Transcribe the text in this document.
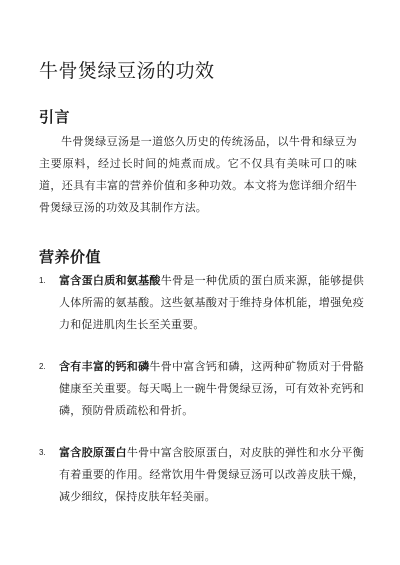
牛骨煲绿豆汤的功效
引言

牛骨煲绿豆汤是一道悠久历史的传统汤品，以牛骨和绿豆为主要原料，经过长时间的炖煮而成。它不仅具有美味可口的味道，还具有丰富的营养价值和多种功效。本文将为您详细介绍牛骨煲绿豆汤的功效及其制作方法。

营养价值
1. 富含蛋白质和氨基酸牛骨是一种优质的蛋白质来源，能够提供人体所需的氨基酸。这些氨基酸对于维持身体机能，增强免疫力和促进肌肉生长至关重要。
2. 含有丰富的钙和磷牛骨中富含钙和磷，这两种矿物质对于骨骼健康至关重要。每天喝上一碗牛骨煲绿豆汤，可有效补充钙和磷，预防骨质疏松和骨折。
3. 富含胶原蛋白牛骨中富含胶原蛋白，对皮肤的弹性和水分平衡有着重要的作用。经常饮用牛骨煲绿豆汤可以改善皮肤干燥，减少细纹，保持皮肤年轻美丽。
